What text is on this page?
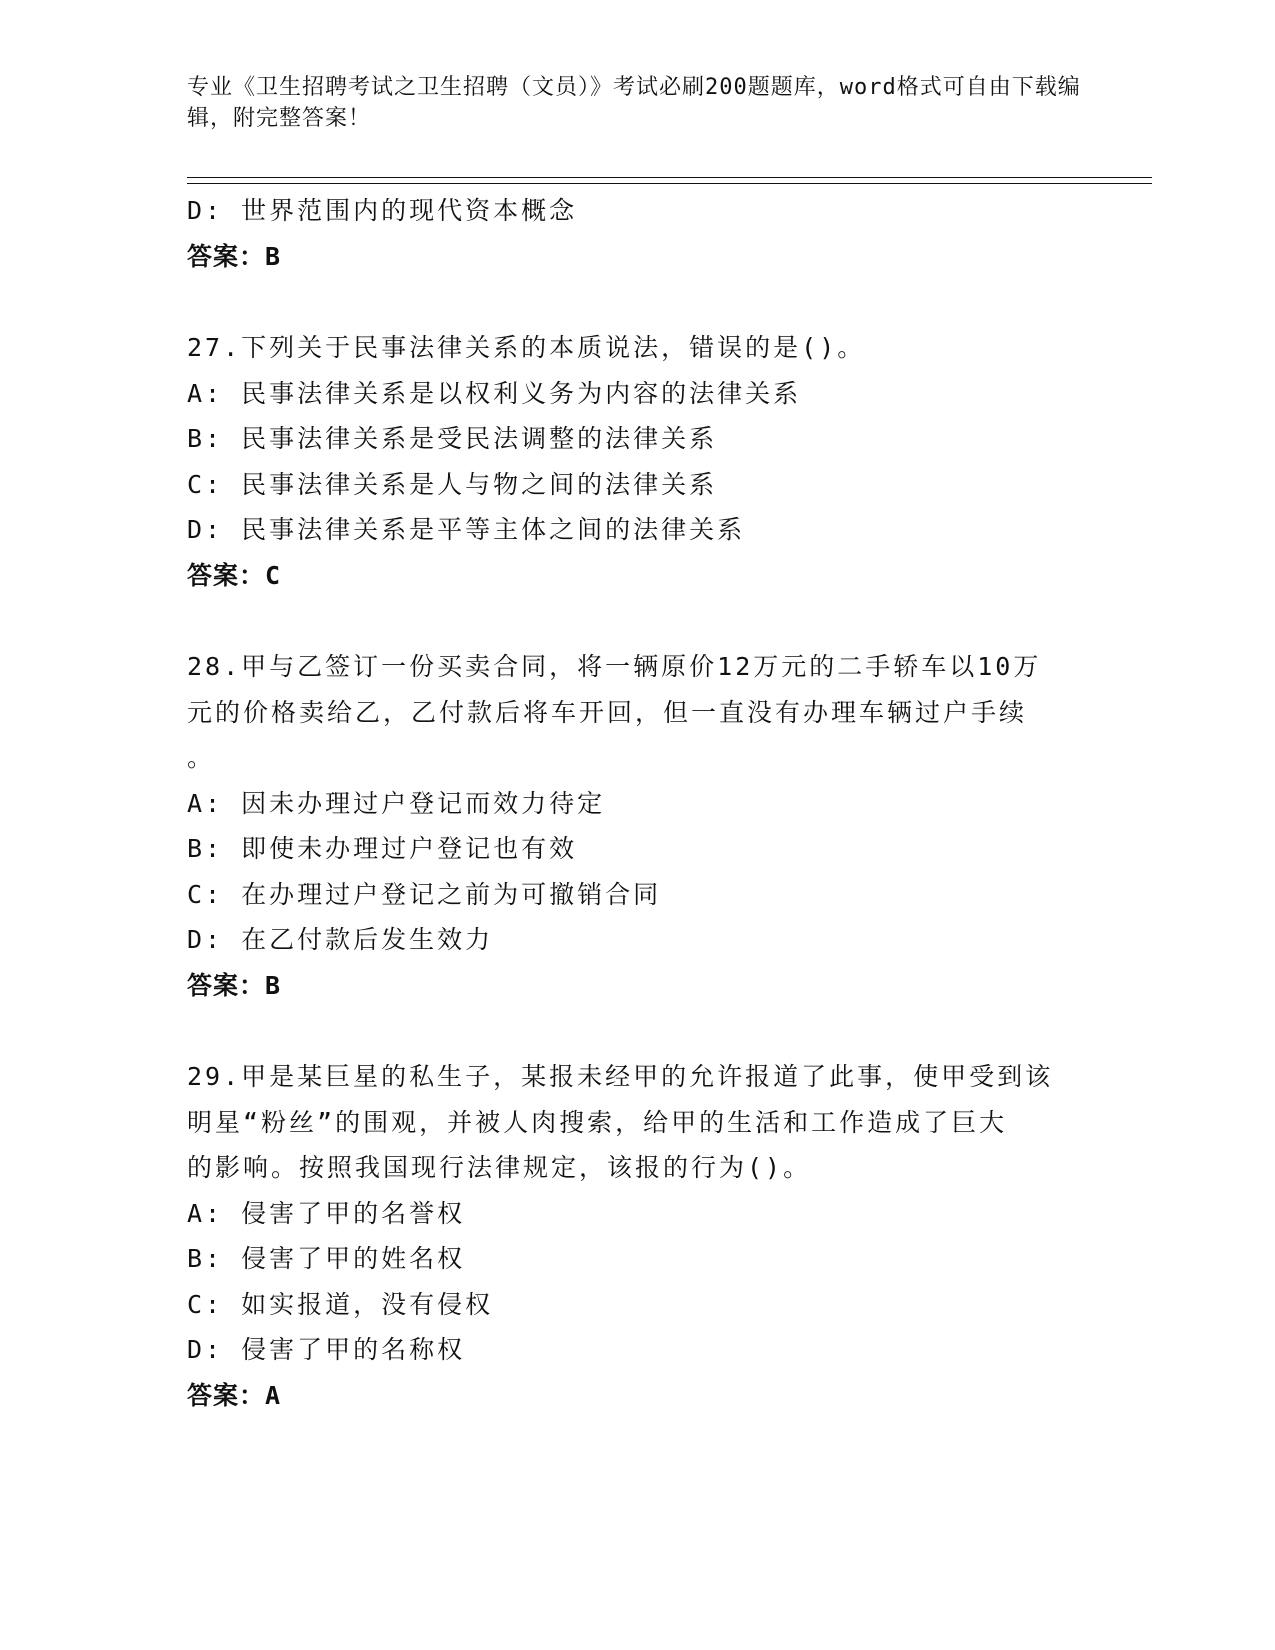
专业《卫生招聘考试之卫生招聘（文员）》考试必刷200题题库，word格式可自由下载编辑，附完整答案！
D: 世界范围内的现代资本概念
答案：B
27.下列关于民事法律关系的本质说法，错误的是()。
A: 民事法律关系是以权利义务为内容的法律关系
B: 民事法律关系是受民法调整的法律关系
C: 民事法律关系是人与物之间的法律关系
D: 民事法律关系是平等主体之间的法律关系
答案：C
28.甲与乙签订一份买卖合同，将一辆原价12万元的二手轿车以10万
元的价格卖给乙，乙付款后将车开回，但一直没有办理车辆过户手续
。
A: 因未办理过户登记而效力待定
B: 即使未办理过户登记也有效
C: 在办理过户登记之前为可撤销合同
D: 在乙付款后发生效力
答案：B
29.甲是某巨星的私生子，某报未经甲的允许报道了此事，使甲受到该
明星“粉丝”的围观，并被人肉搜索，给甲的生活和工作造成了巨大
的影响。按照我国现行法律规定，该报的行为()。
A: 侵害了甲的名誉权
B: 侵害了甲的姓名权
C: 如实报道，没有侵权
D: 侵害了甲的名称权
答案：A
